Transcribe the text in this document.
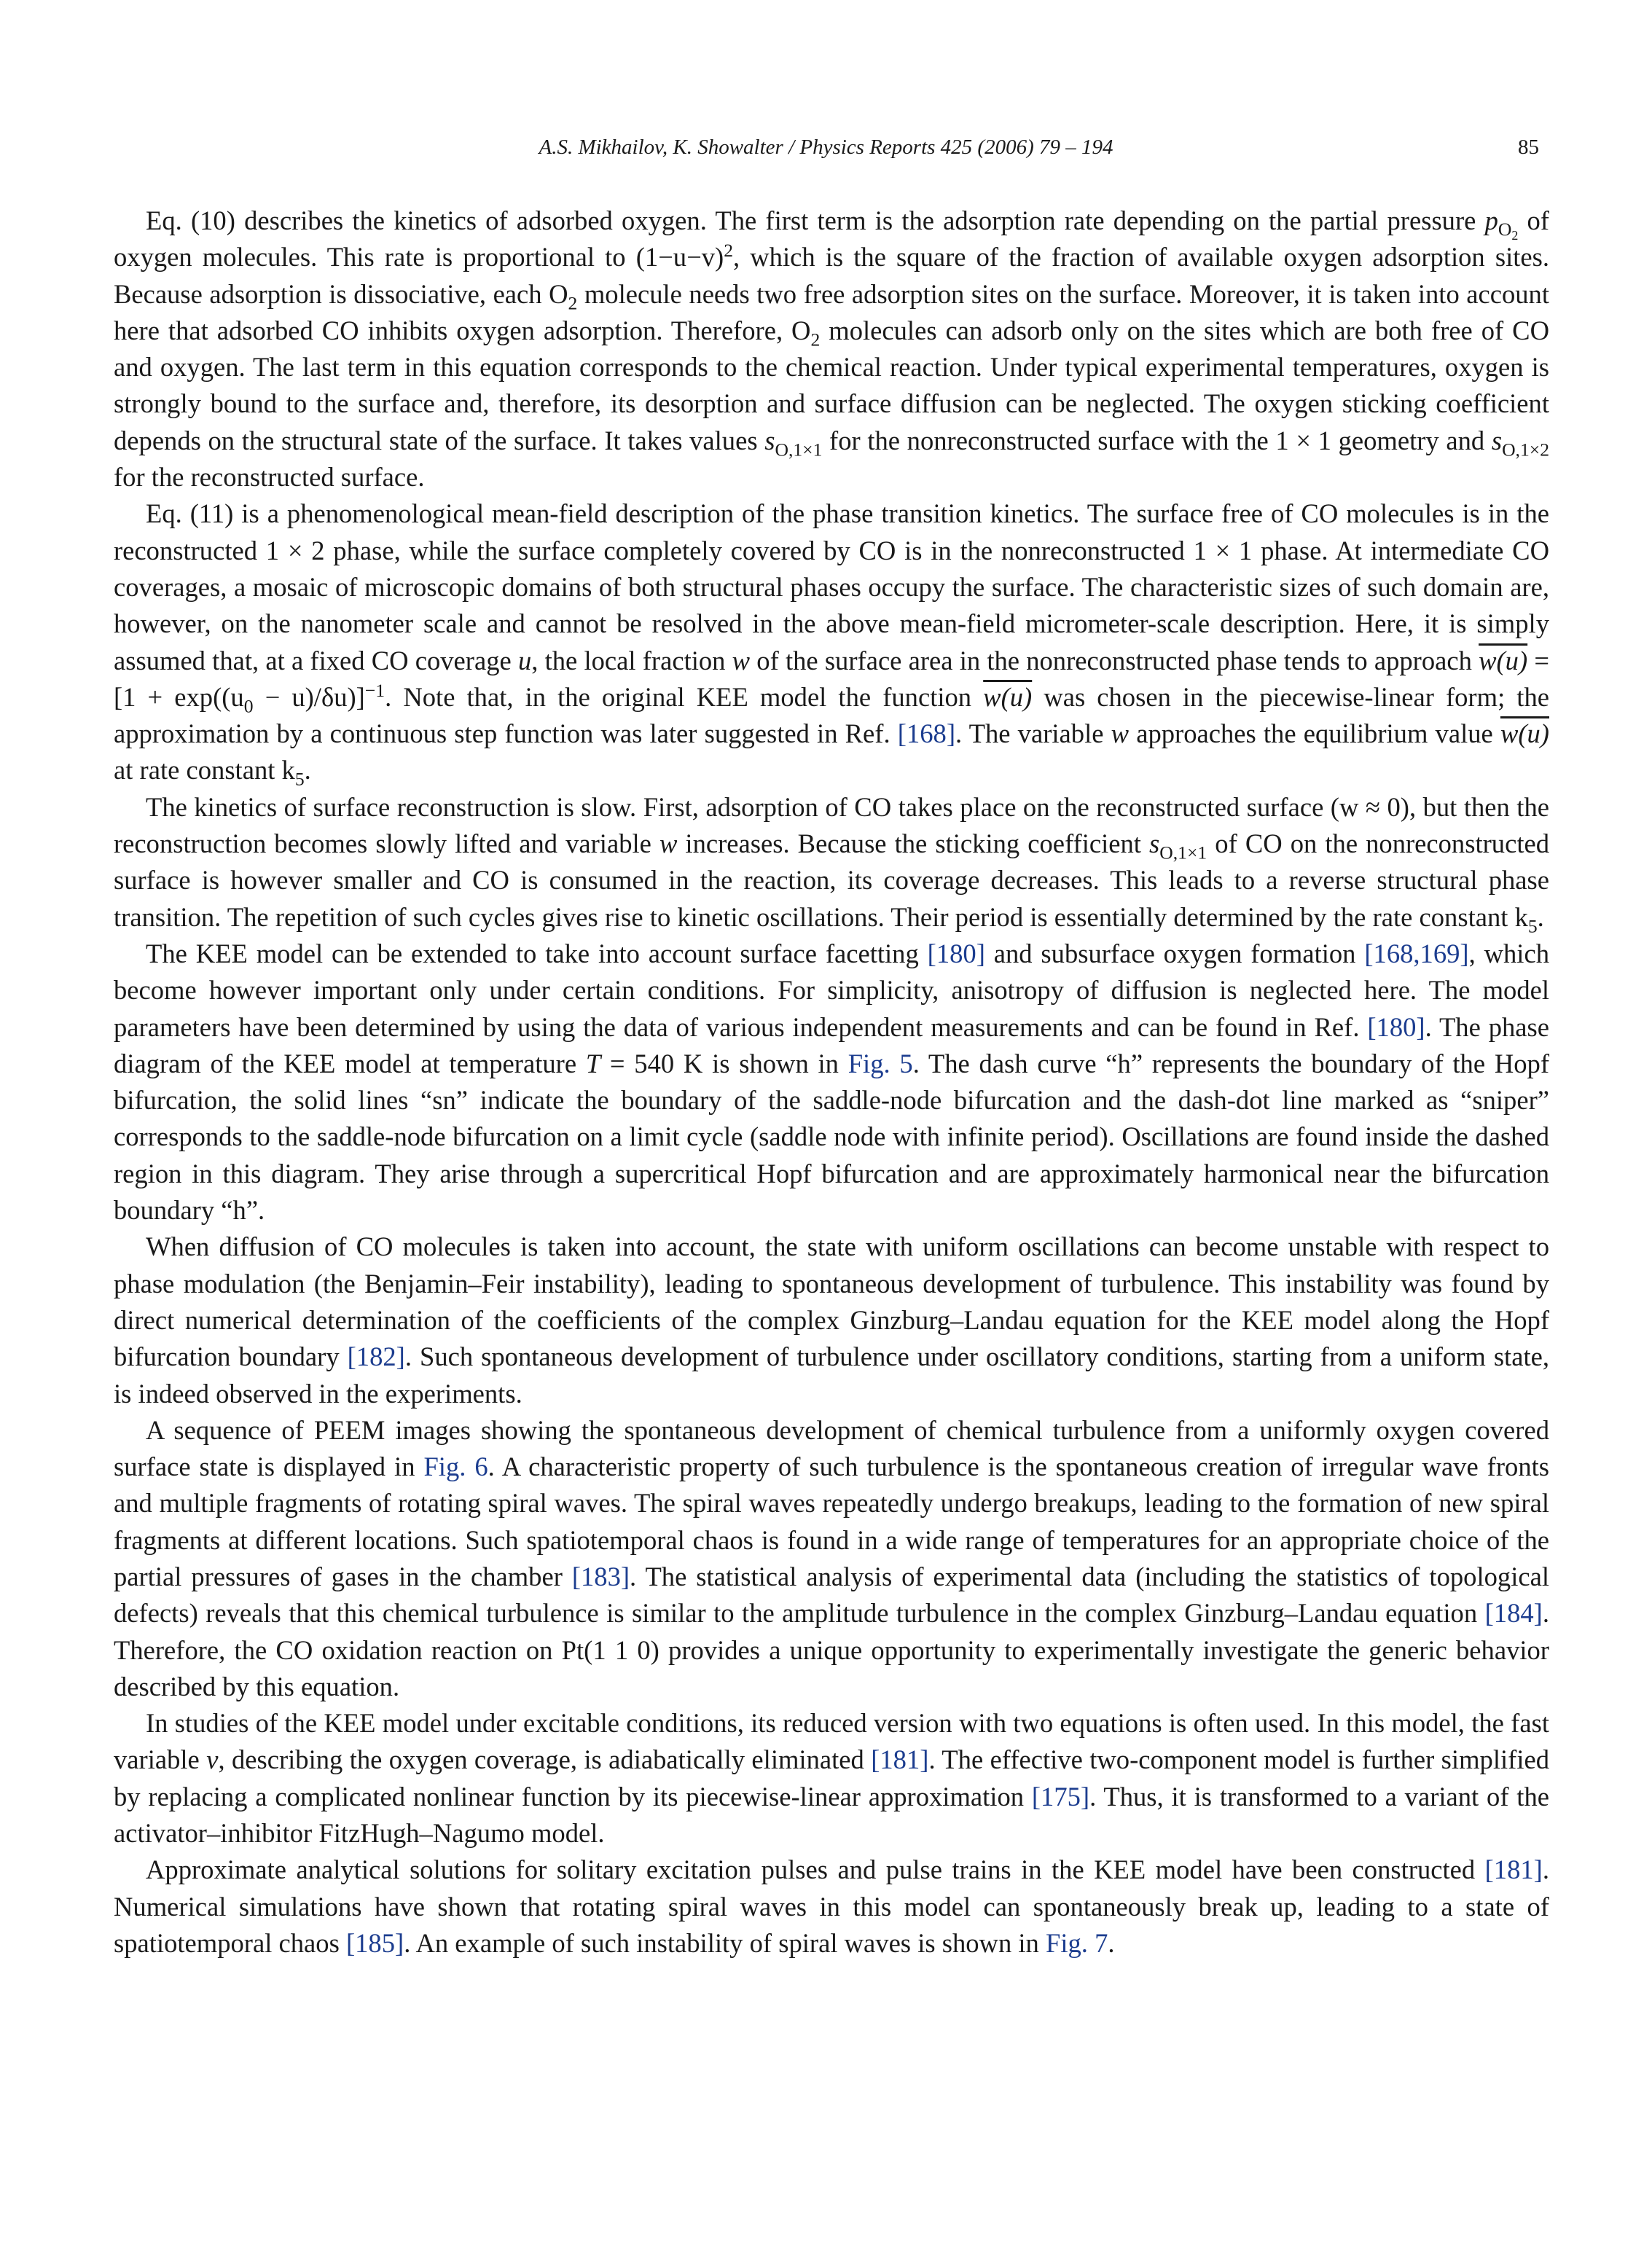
A.S. Mikhailov, K. Showalter / Physics Reports 425 (2006) 79 – 194	85

Eq. (10) describes the kinetics of adsorbed oxygen. The first term is the adsorption rate depending on the partial pressure $p_{O_2}$ of oxygen molecules. This rate is proportional to $(1-u-v)^2$, which is the square of the fraction of available oxygen adsorption sites. Because adsorption is dissociative, each $O_2$ molecule needs two free adsorption sites on the surface. Moreover, it is taken into account here that adsorbed CO inhibits oxygen adsorption. Therefore, $O_2$ molecules can adsorb only on the sites which are both free of CO and oxygen. The last term in this equation corresponds to the chemical reaction. Under typical experimental temperatures, oxygen is strongly bound to the surface and, therefore, its desorption and surface diffusion can be neglected. The oxygen sticking coefficient depends on the structural state of the surface. It takes values $s_{O,1\times 1}$ for the nonreconstructed surface with the 1 × 1 geometry and $s_{O,1\times 2}$ for the reconstructed surface.

Eq. (11) is a phenomenological mean-field description of the phase transition kinetics. The surface free of CO molecules is in the reconstructed 1 × 2 phase, while the surface completely covered by CO is in the nonreconstructed 1 × 1 phase. At intermediate CO coverages, a mosaic of microscopic domains of both structural phases occupy the surface. The characteristic sizes of such domain are, however, on the nanometer scale and cannot be resolved in the above mean-field micrometer-scale description. Here, it is simply assumed that, at a fixed CO coverage u, the local fraction w of the surface area in the nonreconstructed phase tends to approach $w(u) = [1 + \exp((u_0 - u)/\delta u)]^{-1}$. Note that, in the original KEE model the function w(u) was chosen in the piecewise-linear form; the approximation by a continuous step function was later suggested in Ref. [168]. The variable w approaches the equilibrium value w(u) at rate constant $k_5$.

The kinetics of surface reconstruction is slow. First, adsorption of CO takes place on the reconstructed surface (w ≈ 0), but then the reconstruction becomes slowly lifted and variable w increases. Because the sticking coefficient $s_{O,1\times 1}$ of CO on the nonreconstructed surface is however smaller and CO is consumed in the reaction, its coverage decreases. This leads to a reverse structural phase transition. The repetition of such cycles gives rise to kinetic oscillations. Their period is essentially determined by the rate constant $k_5$.

The KEE model can be extended to take into account surface facetting [180] and subsurface oxygen formation [168,169], which become however important only under certain conditions. For simplicity, anisotropy of diffusion is neglected here. The model parameters have been determined by using the data of various independent measurements and can be found in Ref. [180]. The phase diagram of the KEE model at temperature T = 540 K is shown in Fig. 5. The dash curve “h” represents the boundary of the Hopf bifurcation, the solid lines “sn” indicate the boundary of the saddle-node bifurcation and the dash-dot line marked as “sniper” corresponds to the saddle-node bifurcation on a limit cycle (saddle node with infinite period). Oscillations are found inside the dashed region in this diagram. They arise through a supercritical Hopf bifurcation and are approximately harmonical near the bifurcation boundary “h”.

When diffusion of CO molecules is taken into account, the state with uniform oscillations can become unstable with respect to phase modulation (the Benjamin–Feir instability), leading to spontaneous development of turbulence. This instability was found by direct numerical determination of the coefficients of the complex Ginzburg–Landau equation for the KEE model along the Hopf bifurcation boundary [182]. Such spontaneous development of turbulence under oscillatory conditions, starting from a uniform state, is indeed observed in the experiments.

A sequence of PEEM images showing the spontaneous development of chemical turbulence from a uniformly oxygen covered surface state is displayed in Fig. 6. A characteristic property of such turbulence is the spontaneous creation of irregular wave fronts and multiple fragments of rotating spiral waves. The spiral waves repeatedly undergo breakups, leading to the formation of new spiral fragments at different locations. Such spatiotemporal chaos is found in a wide range of temperatures for an appropriate choice of the partial pressures of gases in the chamber [183]. The statistical analysis of experimental data (including the statistics of topological defects) reveals that this chemical turbulence is similar to the amplitude turbulence in the complex Ginzburg–Landau equation [184]. Therefore, the CO oxidation reaction on Pt(1 1 0) provides a unique opportunity to experimentally investigate the generic behavior described by this equation.

In studies of the KEE model under excitable conditions, its reduced version with two equations is often used. In this model, the fast variable v, describing the oxygen coverage, is adiabatically eliminated [181]. The effective two-component model is further simplified by replacing a complicated nonlinear function by its piecewise-linear approximation [175]. Thus, it is transformed to a variant of the activator–inhibitor FitzHugh–Nagumo model.

Approximate analytical solutions for solitary excitation pulses and pulse trains in the KEE model have been constructed [181]. Numerical simulations have shown that rotating spiral waves in this model can spontaneously break up, leading to a state of spatiotemporal chaos [185]. An example of such instability of spiral waves is shown in Fig. 7.
